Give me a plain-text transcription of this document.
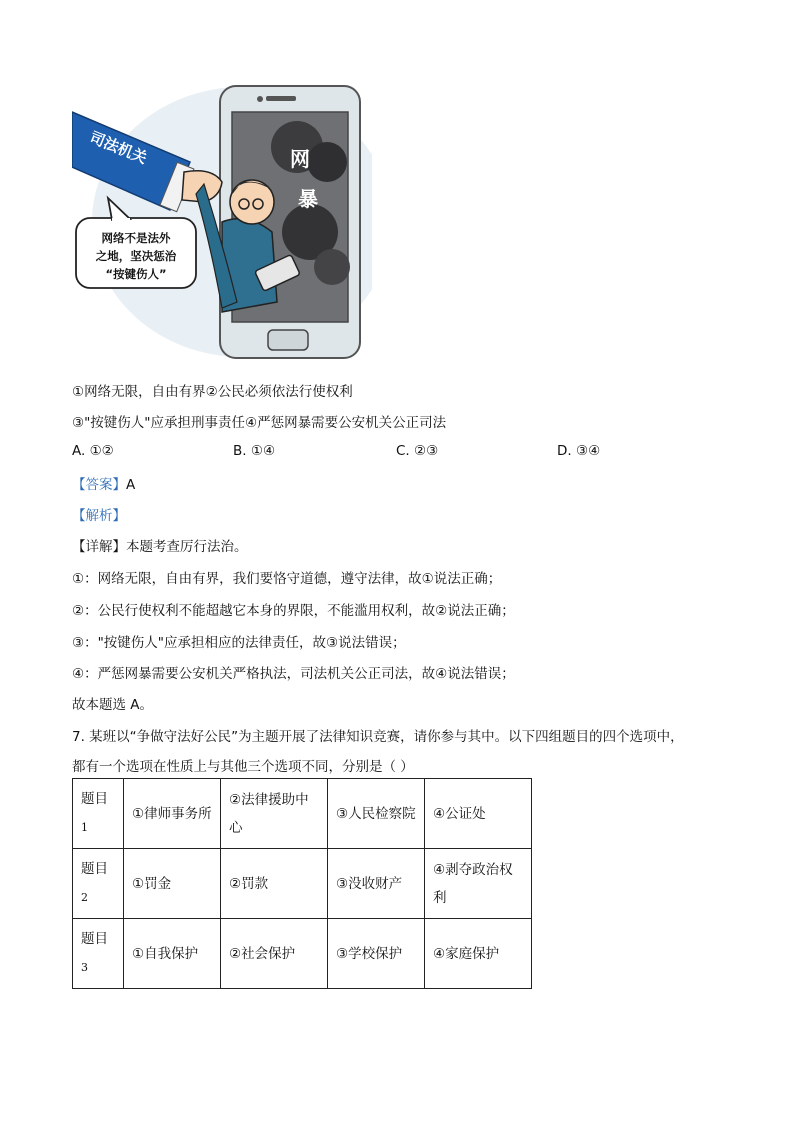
网
暴
司法机关
网络不是法外
之地，坚决惩治
“按键伤人”
①网络无限，自由有界②公民必须依法行使权利
③"按键伤人"应承担刑事责任④严惩网暴需要公安机关公正司法
A. ①②	B. ①④	C. ②③	D. ③④
【答案】A
【解析】
【详解】本题考查厉行法治。
①：网络无限，自由有界，我们要恪守道德，遵守法律，故①说法正确；
②：公民行使权利不能超越它本身的界限，不能滥用权利，故②说法正确；
③："按键伤人"应承担相应的法律责任，故③说法错误；
④：严惩网暴需要公安机关严格执法，司法机关公正司法，故④说法错误；
故本题选 A。
7. 某班以“争做守法好公民”为主题开展了法律知识竞赛，请你参与其中。以下四组题目的四个选项中，
都有一个选项在性质上与其他三个选项不同，分别是（ ）
题目
1	①律师事务所	②法律援助中心	③人民检察院	④公证处
题目
2	①罚金	②罚款	③没收财产	④剥夺政治权利
题目
3	①自我保护	②社会保护	③学校保护	④家庭保护
